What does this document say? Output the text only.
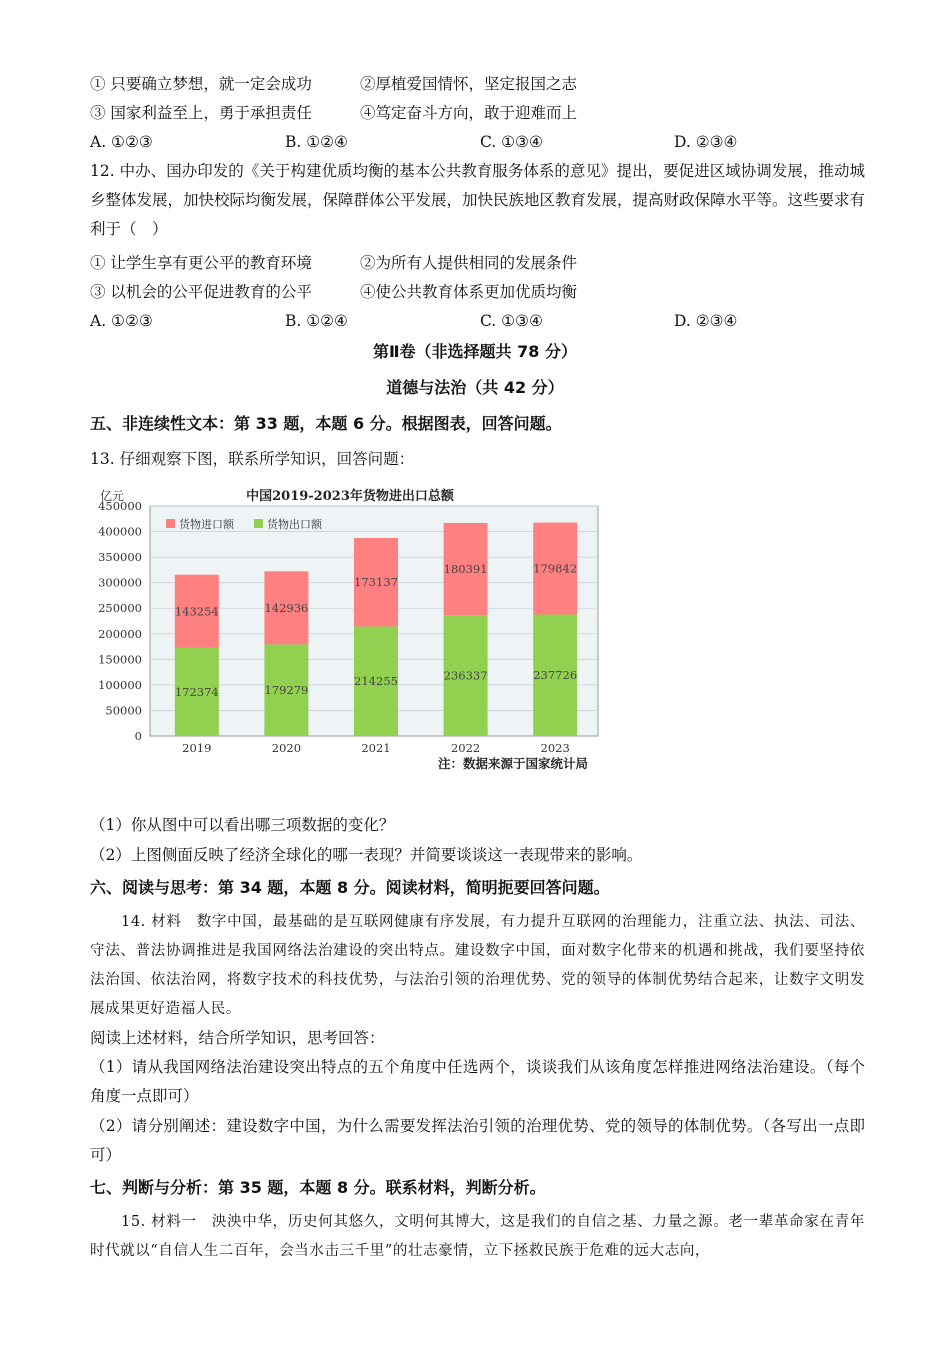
① 只要确立梦想，就一定会成功	②厚植爱国情怀，坚定报国之志
③ 国家利益至上，勇于承担责任	④笃定奋斗方向，敢于迎难而上
A. ①②③	B. ①②④	C. ①③④	D. ②③④
12. 中办、国办印发的《关于构建优质均衡的基本公共教育服务体系的意见》提出，要促进区域协调发展，推动城乡整体发展，加快校际均衡发展，保障群体公平发展，加快民族地区教育发展，提高财政保障水平等。这些要求有利于（　）
① 让学生享有更公平的教育环境	②为所有人提供相同的发展条件
③ 以机会的公平促进教育的公平	④使公共教育体系更加优质均衡
A. ①②③	B. ①②④	C. ①③④	D. ②③④
第Ⅱ卷（非选择题共 78 分）
道德与法治（共 42 分）
五、非连续性文本：第 33 题，本题 6 分。根据图表，回答问题。
13. 仔细观察下图，联系所学知识，回答问题：
中国2019-2023年货物进出口总额
亿元
0
50000
100000
150000
200000
250000
300000
350000
400000
450000
172374
143254
179279
142936
214255
173137
236337
180391
237726
179842
2019	2020	2021	2022	2023
货物进口额	货物出口额
注：数据来源于国家统计局
（1）你从图中可以看出哪三项数据的变化？
（2）上图侧面反映了经济全球化的哪一表现？并简要谈谈这一表现带来的影响。
六、阅读与思考：第 34 题，本题 8 分。阅读材料，简明扼要回答问题。
14. 材料　数字中国，最基础的是互联网健康有序发展，有力提升互联网的治理能力，注重立法、执法、司法、守法、普法协调推进是我国网络法治建设的突出特点。建设数字中国，面对数字化带来的机遇和挑战，我们要坚持依法治国、依法治网，将数字技术的科技优势，与法治引领的治理优势、党的领导的体制优势结合起来，让数字文明发展成果更好造福人民。
阅读上述材料，结合所学知识，思考回答：
（1）请从我国网络法治建设突出特点的五个角度中任选两个，谈谈我们从该角度怎样推进网络法治建设。（每个角度一点即可）
（2）请分别阐述：建设数字中国，为什么需要发挥法治引领的治理优势、党的领导的体制优势。（各写出一点即可）
七、判断与分析：第 35 题，本题 8 分。联系材料，判断分析。
15. 材料一　泱泱中华，历史何其悠久，文明何其博大，这是我们的自信之基、力量之源。老一辈革命家在青年时代就以“自信人生二百年，会当水击三千里”的壮志豪情，立下拯救民族于危难的远大志向，
